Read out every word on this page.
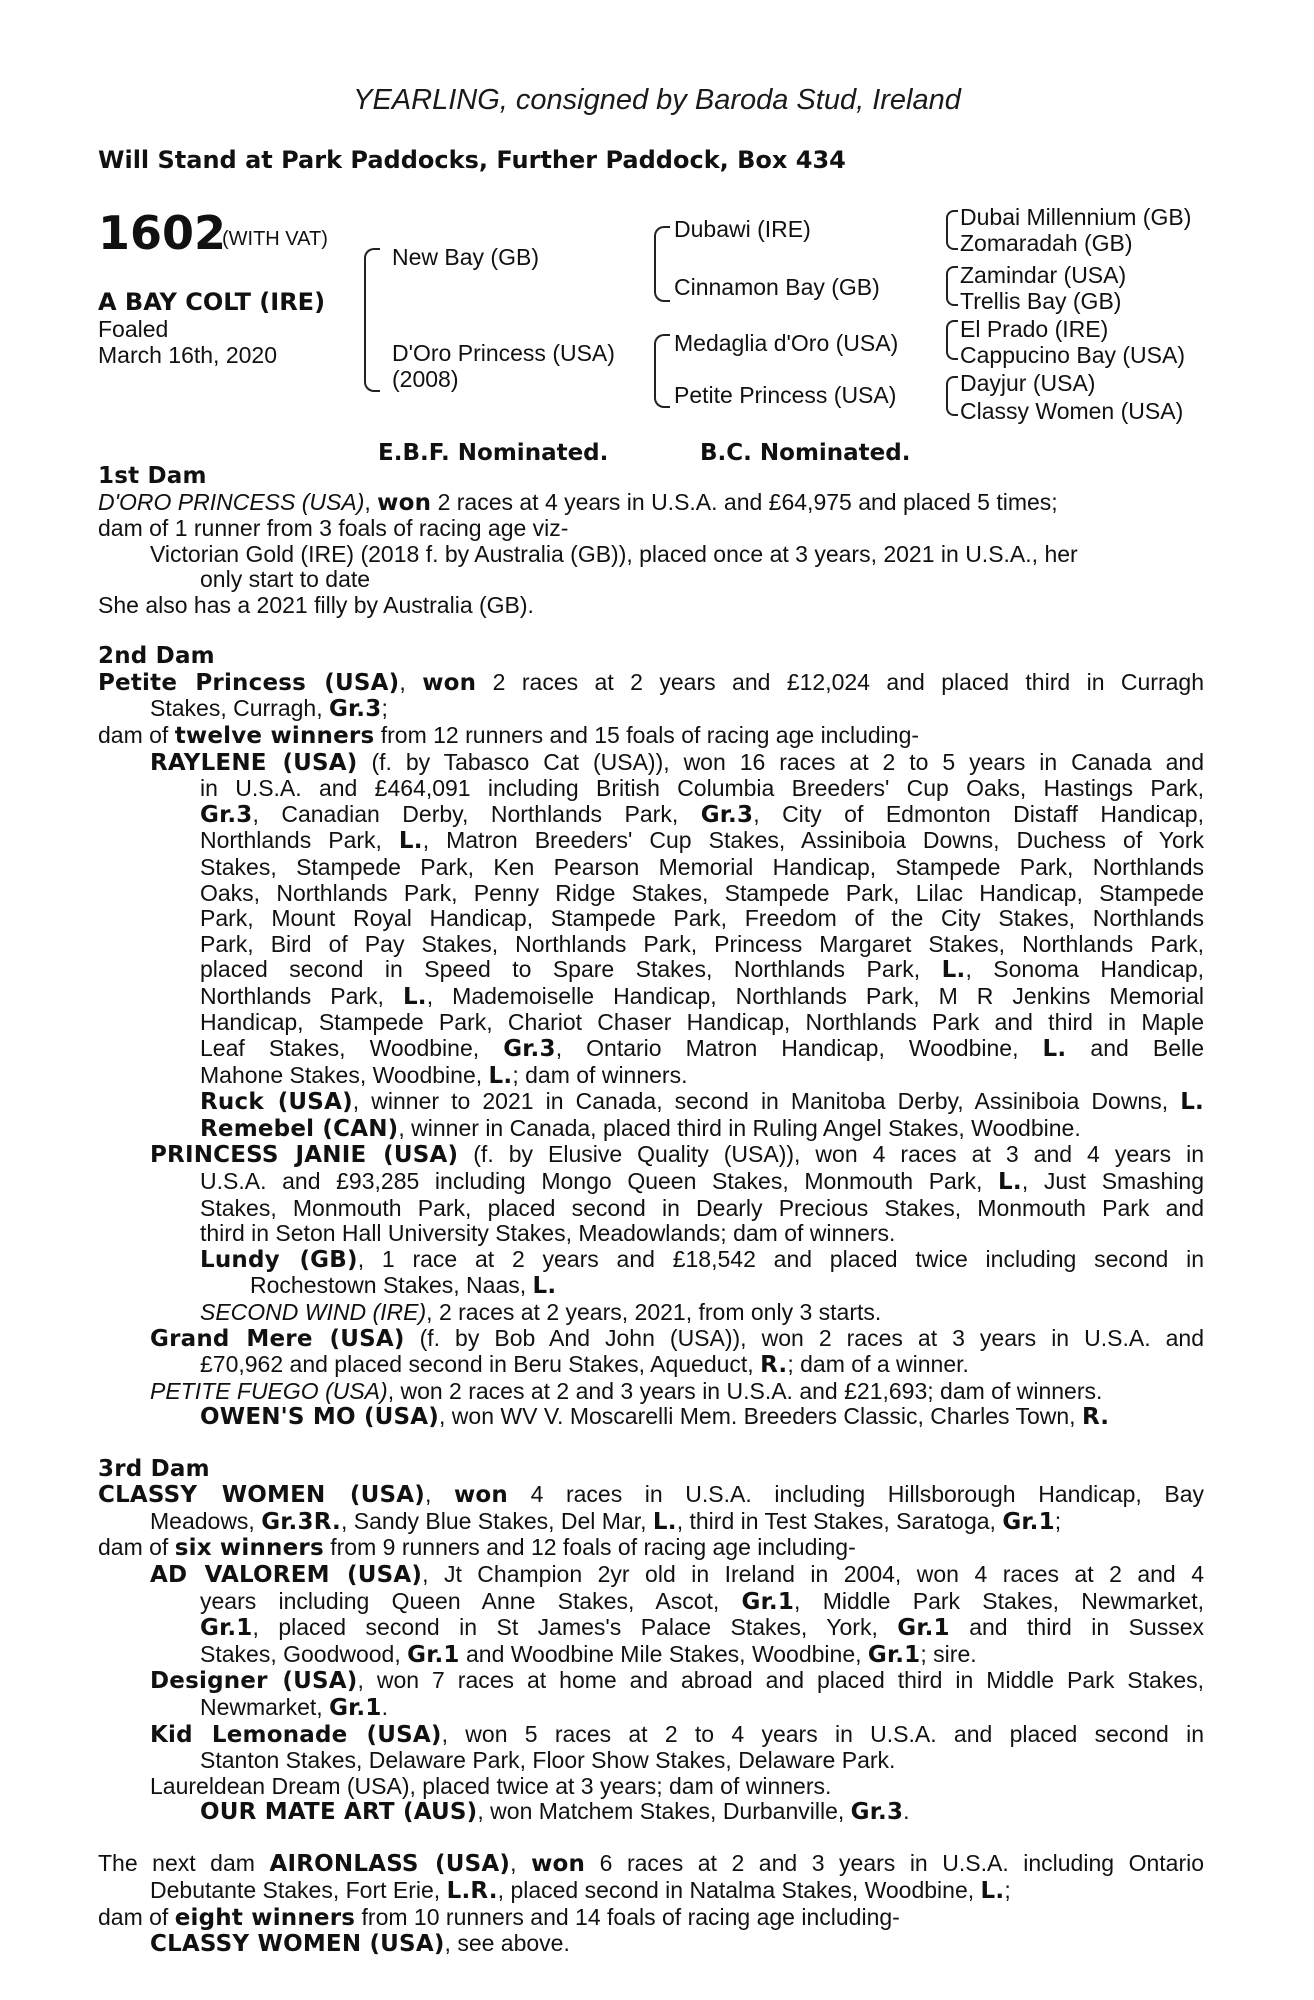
YEARLING, consigned by Baroda Stud, Ireland
Will Stand at Park Paddocks, Further Paddock, Box 434
1602
(WITH VAT)
A BAY COLT (IRE)
Foaled
March 16th, 2020
New Bay (GB)
D'Oro Princess (USA)
(2008)
Dubawi (IRE)
Cinnamon Bay (GB)
Medaglia d'Oro (USA)
Petite Princess (USA)
Dubai Millennium (GB)
Zomaradah (GB)
Zamindar (USA)
Trellis Bay (GB)
El Prado (IRE)
Cappucino Bay (USA)
Dayjur (USA)
Classy Women (USA)
E.B.F. Nominated.	B.C. Nominated.
1st Dam
D'ORO PRINCESS (USA), won 2 races at 4 years in U.S.A. and £64,975 and placed 5 times;
dam of 1 runner from 3 foals of racing age viz-
Victorian Gold (IRE) (2018 f. by Australia (GB)), placed once at 3 years, 2021 in U.S.A., her
only start to date
She also has a 2021 filly by Australia (GB).
2nd Dam
Petite Princess (USA), won 2 races at 2 years and £12,024 and placed third in Curragh
Stakes, Curragh, Gr.3;
dam of twelve winners from 12 runners and 15 foals of racing age including-
RAYLENE (USA) (f. by Tabasco Cat (USA)), won 16 races at 2 to 5 years in Canada and
in U.S.A. and £464,091 including British Columbia Breeders' Cup Oaks, Hastings Park,
Gr.3, Canadian Derby, Northlands Park, Gr.3, City of Edmonton Distaff Handicap,
Northlands Park, L., Matron Breeders' Cup Stakes, Assiniboia Downs, Duchess of York
Stakes, Stampede Park, Ken Pearson Memorial Handicap, Stampede Park, Northlands
Oaks, Northlands Park, Penny Ridge Stakes, Stampede Park, Lilac Handicap, Stampede
Park, Mount Royal Handicap, Stampede Park, Freedom of the City Stakes, Northlands
Park, Bird of Pay Stakes, Northlands Park, Princess Margaret Stakes, Northlands Park,
placed second in Speed to Spare Stakes, Northlands Park, L., Sonoma Handicap,
Northlands Park, L., Mademoiselle Handicap, Northlands Park, M R Jenkins Memorial
Handicap, Stampede Park, Chariot Chaser Handicap, Northlands Park and third in Maple
Leaf Stakes, Woodbine, Gr.3, Ontario Matron Handicap, Woodbine, L. and Belle
Mahone Stakes, Woodbine, L.; dam of winners.
Ruck (USA), winner to 2021 in Canada, second in Manitoba Derby, Assiniboia Downs, L.
Remebel (CAN), winner in Canada, placed third in Ruling Angel Stakes, Woodbine.
PRINCESS JANIE (USA) (f. by Elusive Quality (USA)), won 4 races at 3 and 4 years in
U.S.A. and £93,285 including Mongo Queen Stakes, Monmouth Park, L., Just Smashing
Stakes, Monmouth Park, placed second in Dearly Precious Stakes, Monmouth Park and
third in Seton Hall University Stakes, Meadowlands; dam of winners.
Lundy (GB), 1 race at 2 years and £18,542 and placed twice including second in
Rochestown Stakes, Naas, L.
SECOND WIND (IRE), 2 races at 2 years, 2021, from only 3 starts.
Grand Mere (USA) (f. by Bob And John (USA)), won 2 races at 3 years in U.S.A. and
£70,962 and placed second in Beru Stakes, Aqueduct, R.; dam of a winner.
PETITE FUEGO (USA), won 2 races at 2 and 3 years in U.S.A. and £21,693; dam of winners.
OWEN'S MO (USA), won WV V. Moscarelli Mem. Breeders Classic, Charles Town, R.
3rd Dam
CLASSY WOMEN (USA), won 4 races in U.S.A. including Hillsborough Handicap, Bay
Meadows, Gr.3R., Sandy Blue Stakes, Del Mar, L., third in Test Stakes, Saratoga, Gr.1;
dam of six winners from 9 runners and 12 foals of racing age including-
AD VALOREM (USA), Jt Champion 2yr old in Ireland in 2004, won 4 races at 2 and 4
years including Queen Anne Stakes, Ascot, Gr.1, Middle Park Stakes, Newmarket,
Gr.1, placed second in St James's Palace Stakes, York, Gr.1 and third in Sussex
Stakes, Goodwood, Gr.1 and Woodbine Mile Stakes, Woodbine, Gr.1; sire.
Designer (USA), won 7 races at home and abroad and placed third in Middle Park Stakes,
Newmarket, Gr.1.
Kid Lemonade (USA), won 5 races at 2 to 4 years in U.S.A. and placed second in
Stanton Stakes, Delaware Park, Floor Show Stakes, Delaware Park.
Laureldean Dream (USA), placed twice at 3 years; dam of winners.
OUR MATE ART (AUS), won Matchem Stakes, Durbanville, Gr.3.
The next dam AIRONLASS (USA), won 6 races at 2 and 3 years in U.S.A. including Ontario
Debutante Stakes, Fort Erie, L.R., placed second in Natalma Stakes, Woodbine, L.;
dam of eight winners from 10 runners and 14 foals of racing age including-
CLASSY WOMEN (USA), see above.
